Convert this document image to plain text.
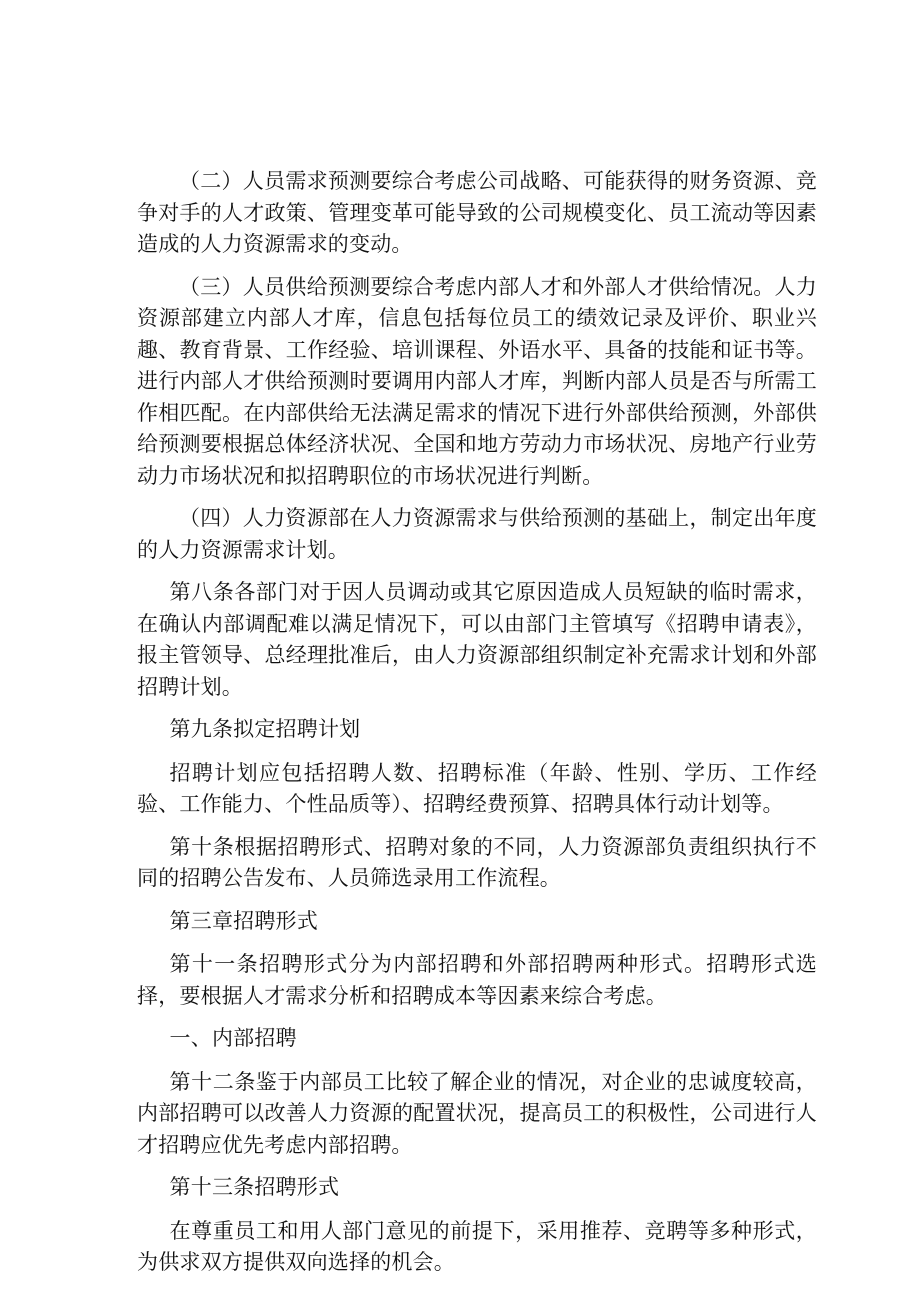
（二）人员需求预测要综合考虑公司战略、可能获得的财务资源、竞争对手的人才政策、管理变革可能导致的公司规模变化、员工流动等因素造成的人力资源需求的变动。

（三）人员供给预测要综合考虑内部人才和外部人才供给情况。人力资源部建立内部人才库，信息包括每位员工的绩效记录及评价、职业兴趣、教育背景、工作经验、培训课程、外语水平、具备的技能和证书等。进行内部人才供给预测时要调用内部人才库，判断内部人员是否与所需工作相匹配。在内部供给无法满足需求的情况下进行外部供给预测，外部供给预测要根据总体经济状况、全国和地方劳动力市场状况、房地产行业劳动力市场状况和拟招聘职位的市场状况进行判断。

（四）人力资源部在人力资源需求与供给预测的基础上，制定出年度的人力资源需求计划。

第八条各部门对于因人员调动或其它原因造成人员短缺的临时需求，在确认内部调配难以满足情况下，可以由部门主管填写《招聘申请表》，报主管领导、总经理批准后，由人力资源部组织制定补充需求计划和外部招聘计划。

第九条拟定招聘计划

招聘计划应包括招聘人数、招聘标准（年龄、性别、学历、工作经验、工作能力、个性品质等）、招聘经费预算、招聘具体行动计划等。

第十条根据招聘形式、招聘对象的不同，人力资源部负责组织执行不同的招聘公告发布、人员筛选录用工作流程。

第三章招聘形式

第十一条招聘形式分为内部招聘和外部招聘两种形式。招聘形式选择，要根据人才需求分析和招聘成本等因素来综合考虑。

一、内部招聘

第十二条鉴于内部员工比较了解企业的情况，对企业的忠诚度较高，内部招聘可以改善人力资源的配置状况，提高员工的积极性，公司进行人才招聘应优先考虑内部招聘。

第十三条招聘形式

在尊重员工和用人部门意见的前提下，采用推荐、竞聘等多种形式，为供求双方提供双向选择的机会。
